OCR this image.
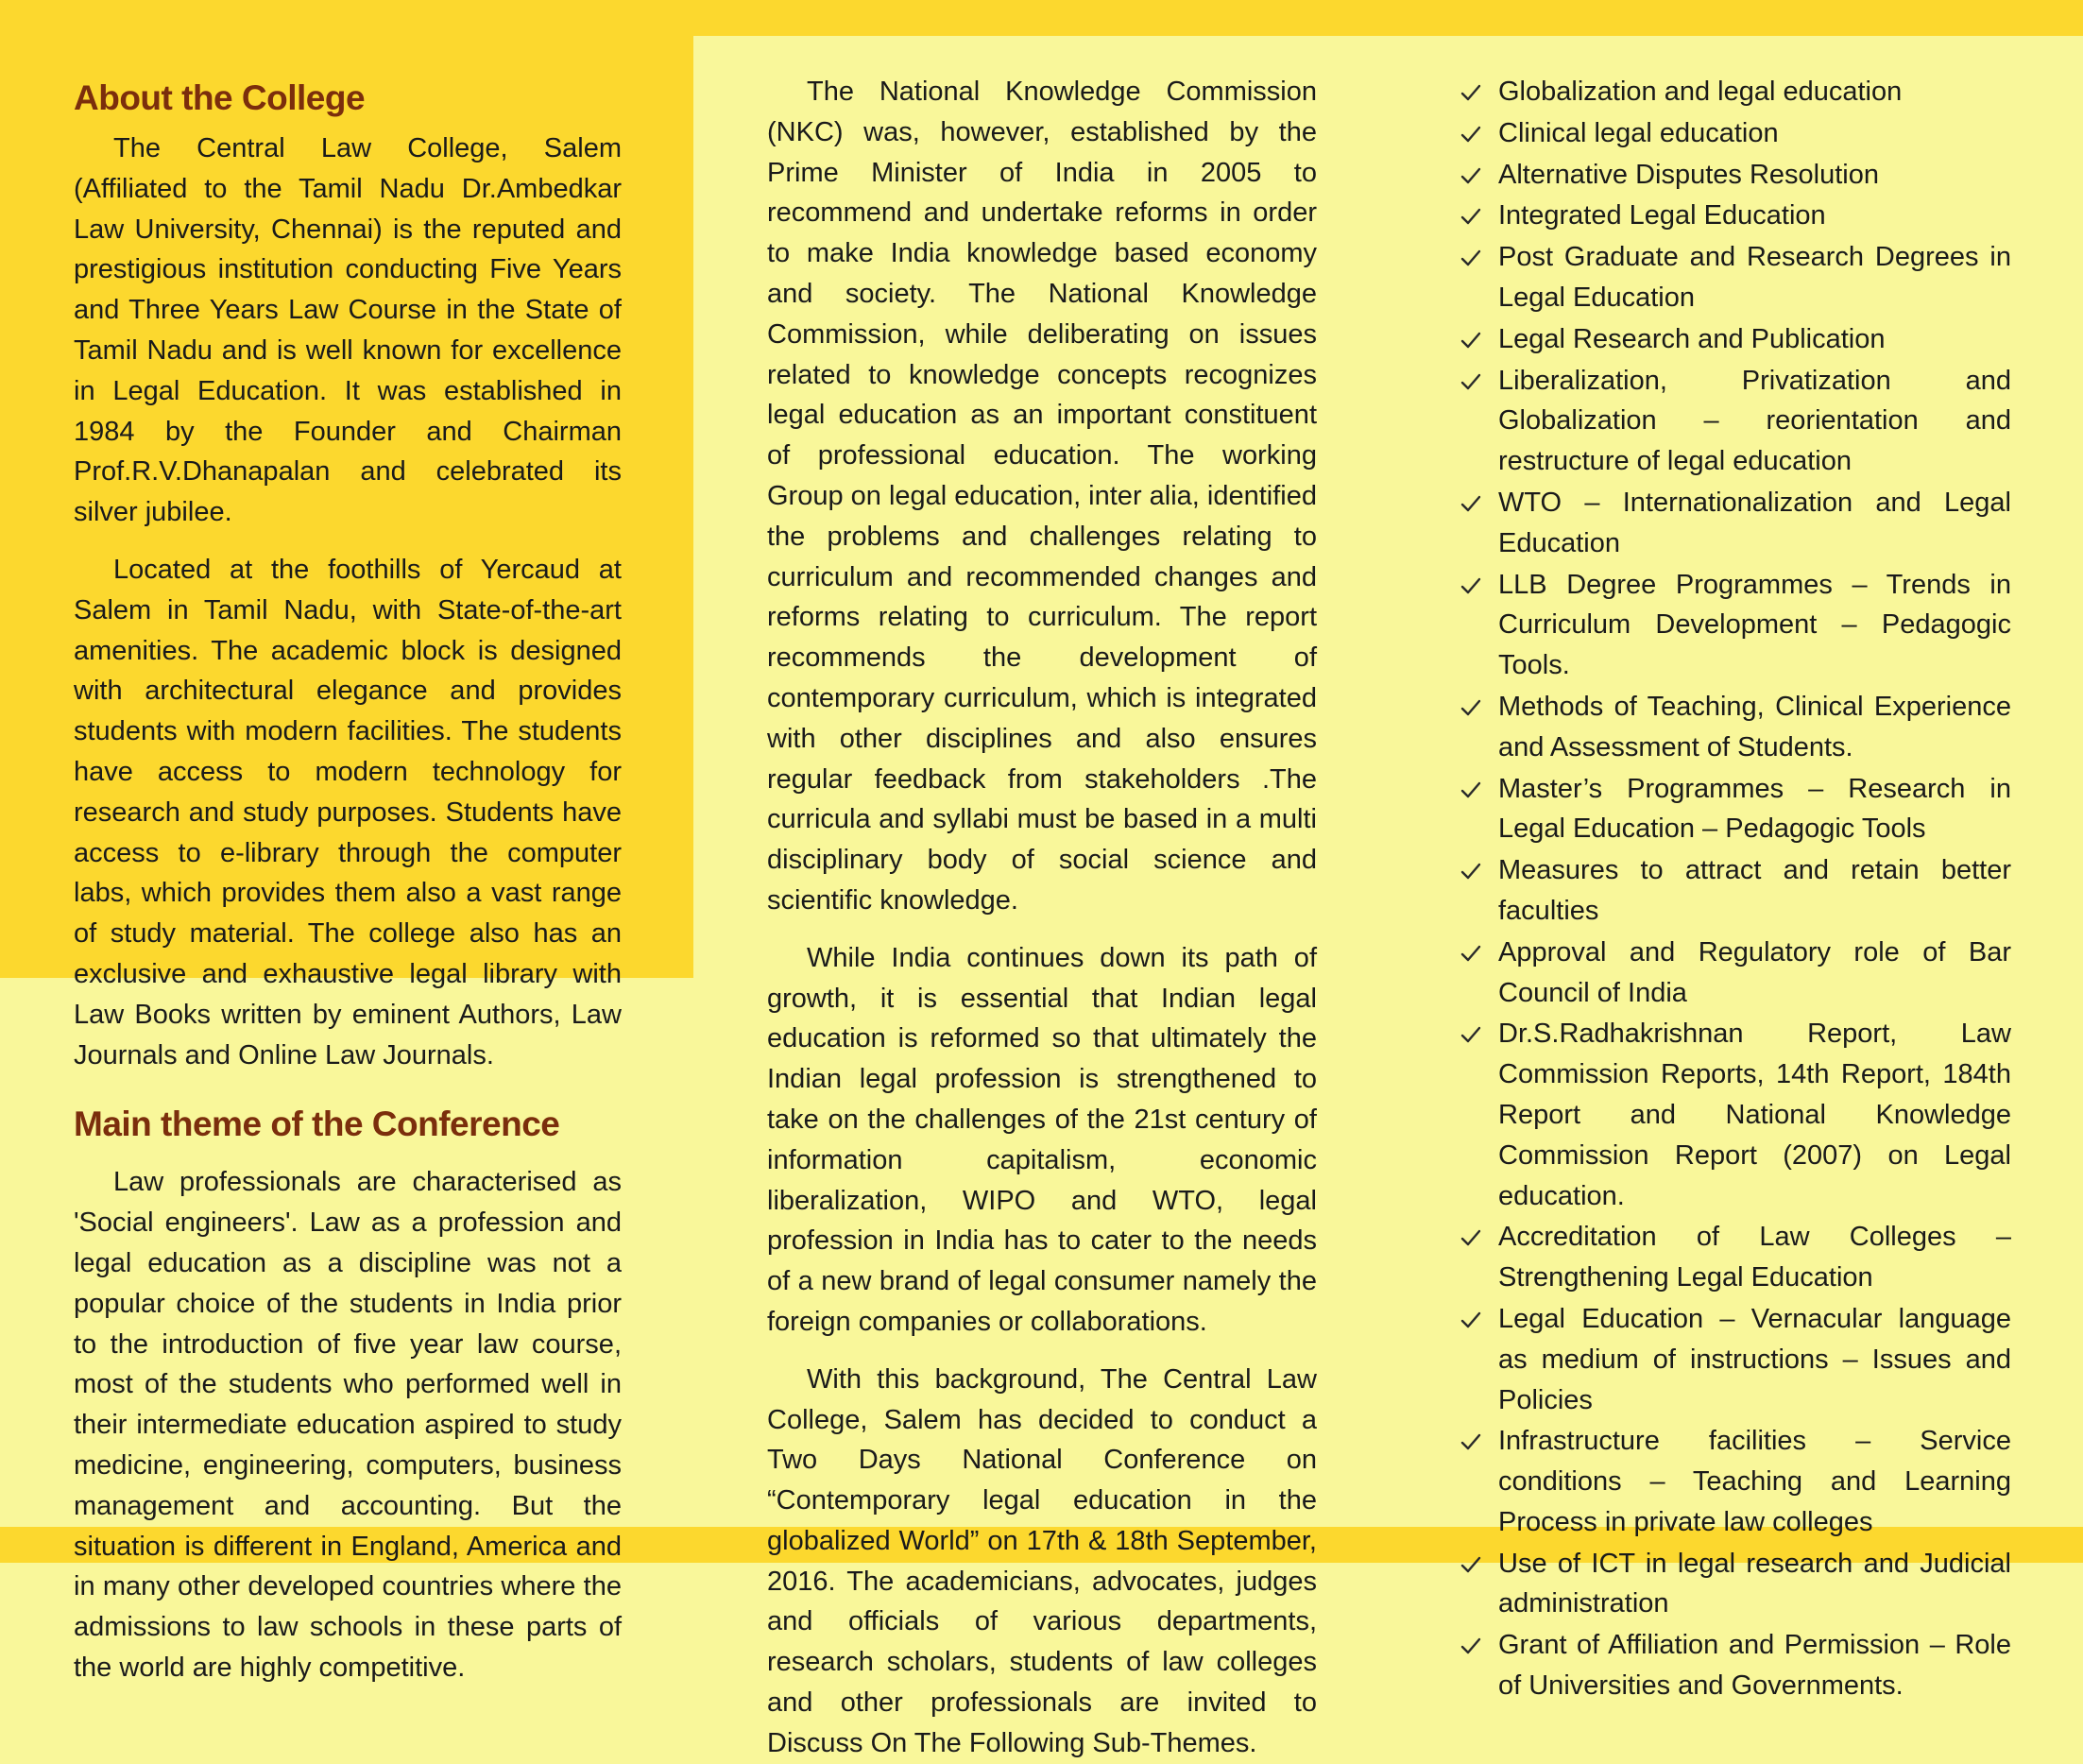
About the College

The Central Law College, Salem (Affiliated to the Tamil Nadu Dr.Ambedkar Law University, Chennai) is the reputed and prestigious institution conducting Five Years and Three Years Law Course in the State of Tamil Nadu and is well known for excellence in Legal Education. It was established in 1984 by the Founder and Chairman Prof.R.V.Dhanapalan and celebrated its silver jubilee.

Located at the foothills of Yercaud at Salem in Tamil Nadu, with State-of-the-art amenities. The academic block is designed with architectural elegance and provides students with modern facilities. The students have access to modern technology for research and study purposes. Students have access to e-library through the computer labs, which provides them also a vast range of study material. The college also has an exclusive and exhaustive legal library with Law Books written by eminent Authors, Law Journals and Online Law Journals.

Main theme of the Conference

Law professionals are characterised as 'Social engineers'. Law as a profession and legal education as a discipline was not a popular choice of the students in India prior to the introduction of five year law course, most of the students who performed well in their intermediate education aspired to study medicine, engineering, computers, business management and accounting. But the situation is different in England, America and in many other developed countries where the admissions to law schools in these parts of the world are highly competitive.

The National Knowledge Commission (NKC) was, however, established by the Prime Minister of India in 2005 to recommend and undertake reforms in order to make India knowledge based economy and society. The National Knowledge Commission, while deliberating on issues related to knowledge concepts recognizes legal education as an important constituent of professional education. The working Group on legal education, inter alia, identified the problems and challenges relating to curriculum and recommended changes and reforms relating to curriculum. The report recommends the development of contemporary curriculum, which is integrated with other disciplines and also ensures regular feedback from stakeholders .The curricula and syllabi must be based in a multi disciplinary body of social science and scientific knowledge.

While India continues down its path of growth, it is essential that Indian legal education is reformed so that ultimately the Indian legal profession is strengthened to take on the challenges of the 21st century of information capitalism, economic liberalization, WIPO and WTO, legal profession in India has to cater to the needs of a new brand of legal consumer namely the foreign companies or collaborations.

With this background, The Central Law College, Salem has decided to conduct a Two Days National Conference on “Contemporary legal education in the globalized World” on 17th & 18th September, 2016. The academicians, advocates, judges and officials of various departments, research scholars, students of law colleges and other professionals are invited to Discuss On The Following Sub-Themes.

Globalization and legal education
Clinical legal education
Alternative Disputes Resolution
Integrated Legal Education
Post Graduate and Research Degrees in Legal Education
Legal Research and Publication
Liberalization, Privatization and Globalization – reorientation and restructure of legal education
WTO – Internationalization and Legal Education
LLB Degree Programmes – Trends in Curriculum Development – Pedagogic Tools.
Methods of Teaching, Clinical Experience and Assessment of Students.
Master’s Programmes – Research in Legal Education – Pedagogic Tools
Measures to attract and retain better faculties
Approval and Regulatory role of Bar Council of India
Dr.S.Radhakrishnan Report, Law Commission Reports, 14th Report, 184th Report and National Knowledge Commission Report (2007) on Legal education.
Accreditation of Law Colleges – Strengthening Legal Education
Legal Education – Vernacular language as medium of instructions – Issues and Policies
Infrastructure facilities – Service conditions – Teaching and Learning Process in private law colleges
Use of ICT in legal research and Judicial administration
Grant of Affiliation and Permission – Role of Universities and Governments.
